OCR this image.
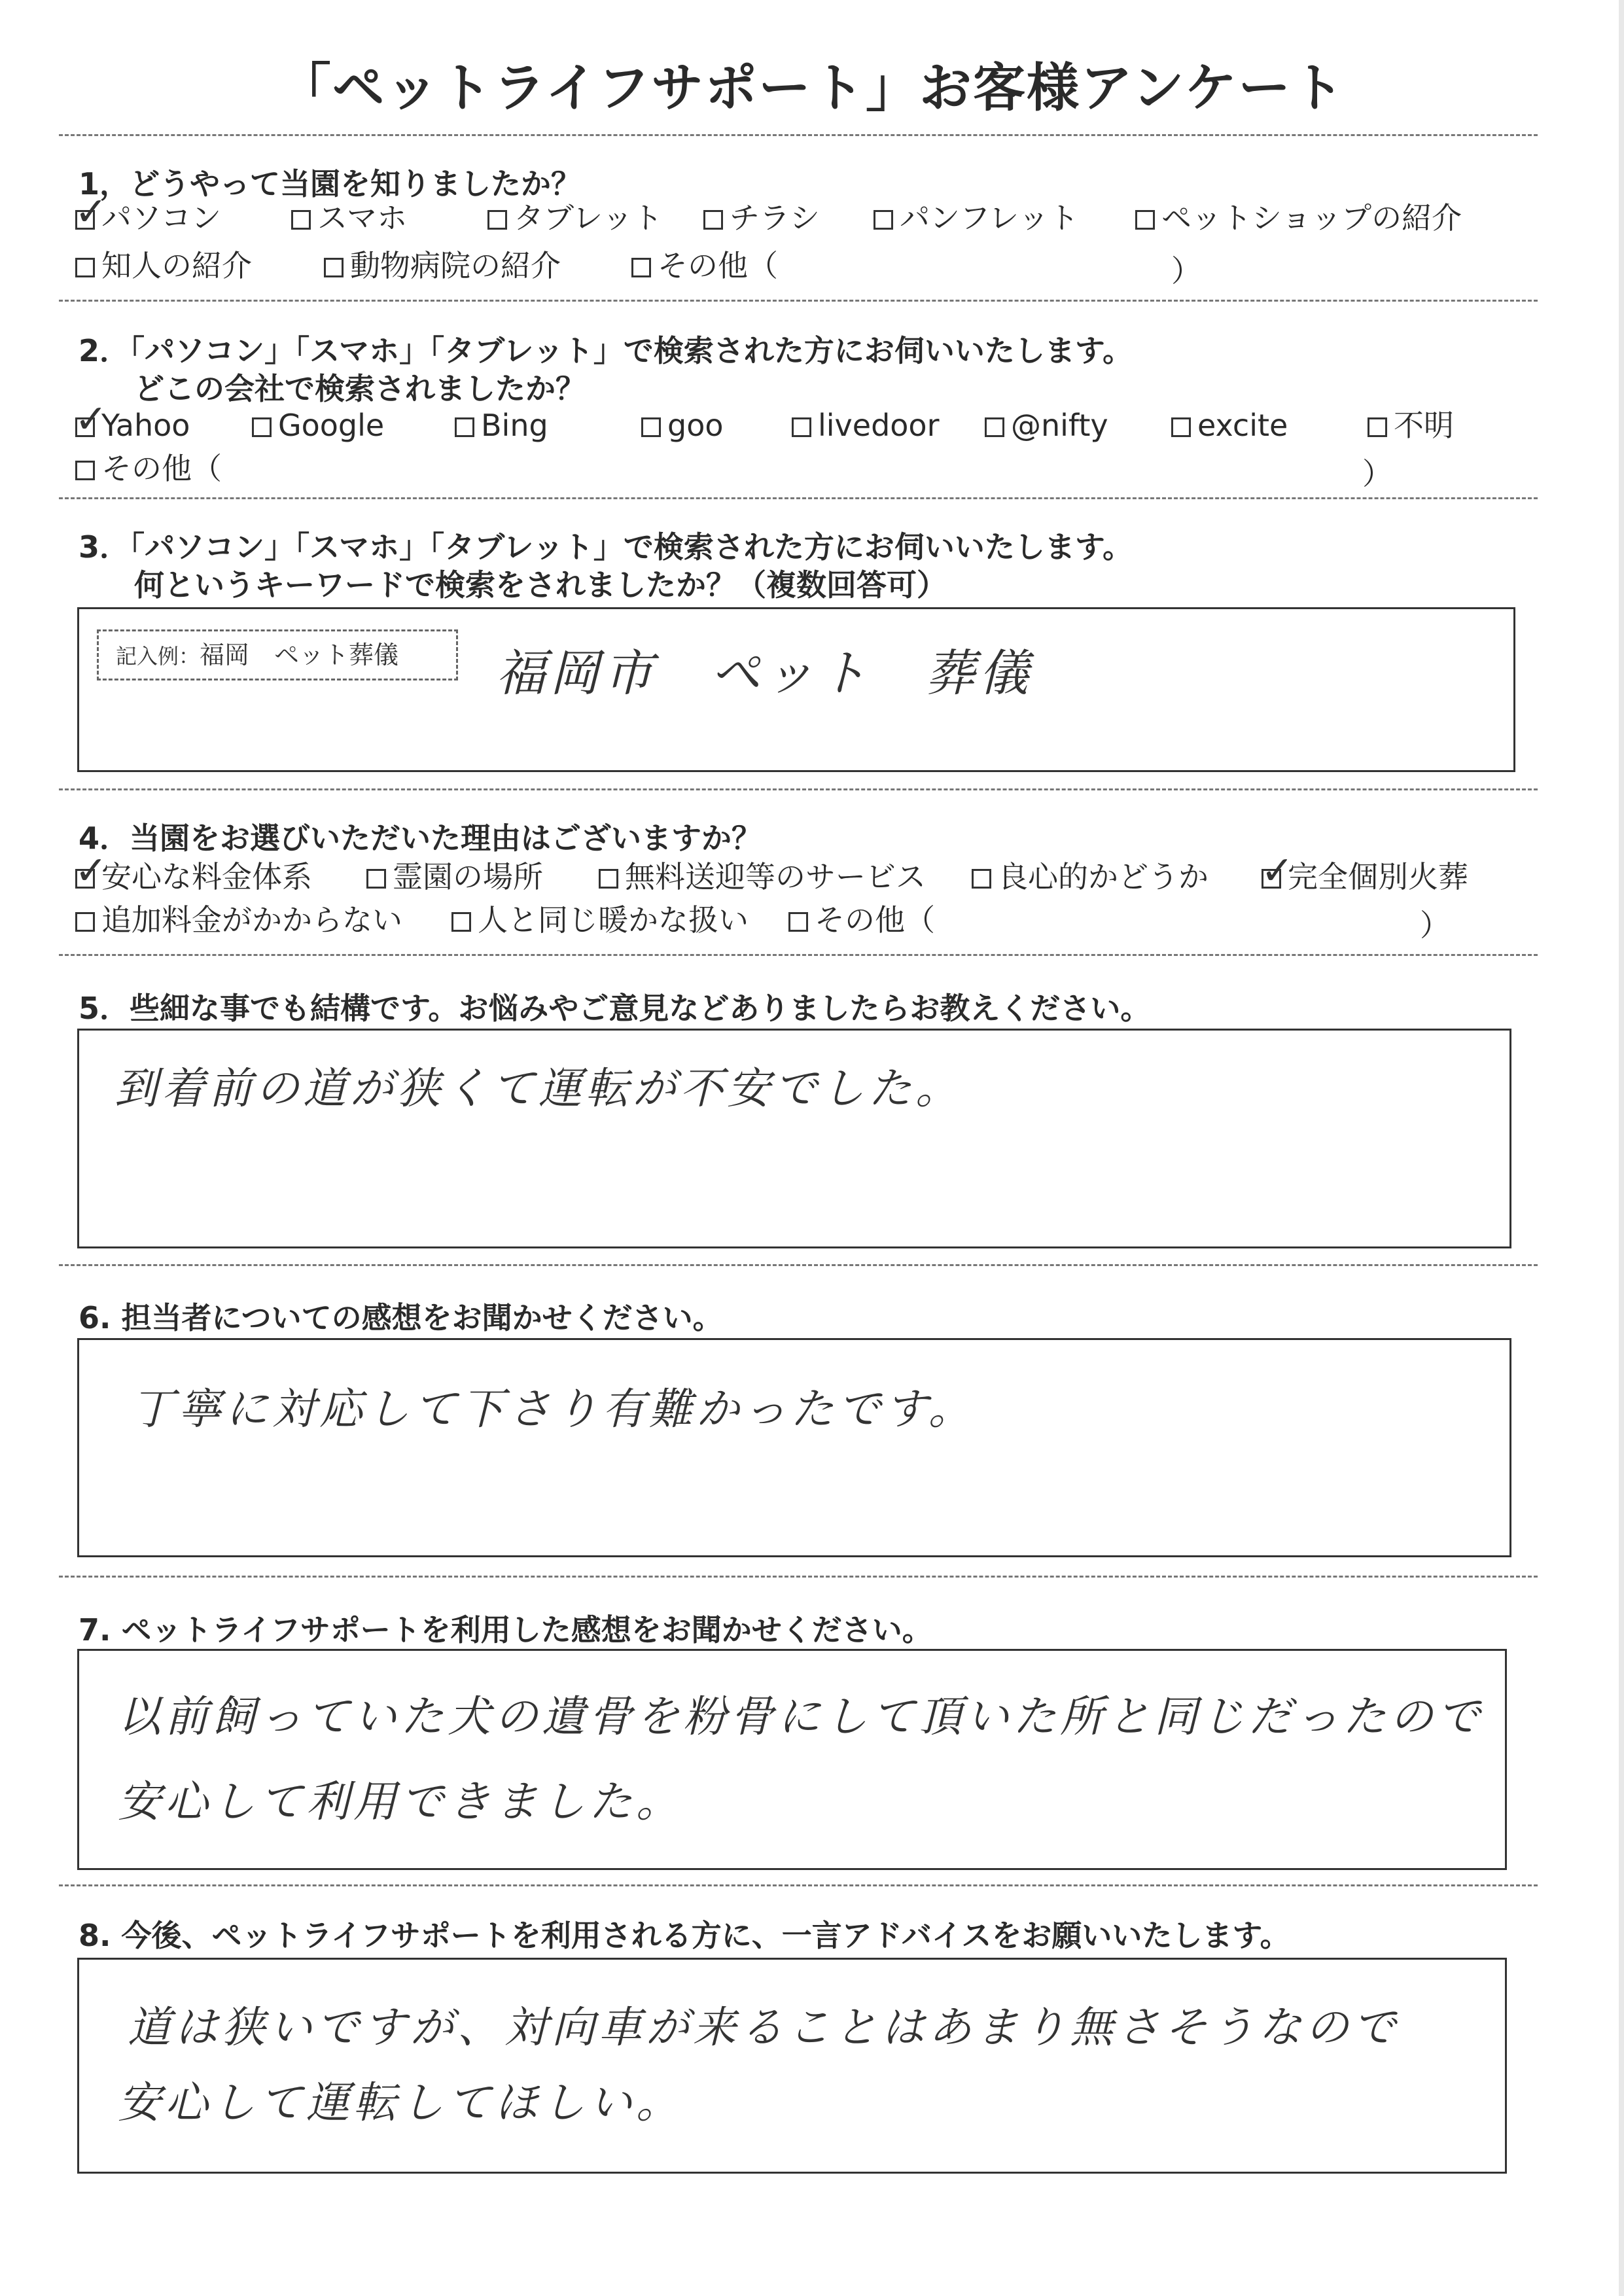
「ペットライフサポート」お客様アンケート
1，どうやって当園を知りましたか？
✓
パソコン	スマホ	タブレット	チラシ	パンフレット	ペットショップの紹介
知人の紹介	動物病院の紹介	その他（	）
2．「パソコン」「スマホ」「タブレット」で検索された方にお伺いいたします。
どこの会社で検索されましたか？
✓
Yahoo	Google	Bing	goo	livedoor	@nifty	excite	不明
その他（	）
3．「パソコン」「スマホ」「タブレット」で検索された方にお伺いいたします。
何というキーワードで検索をされましたか？（複数回答可）
記入例：福岡　ペット葬儀	福岡市　ペット　葬儀
4．当園をお選びいただいた理由はございますか？
✓
安心な料金体系	霊園の場所	無料送迎等のサービス	良心的かどうか ✓
完全個別火葬
追加料金がかからない	人と同じ暖かな扱い	その他（	）
5．些細な事でも結構です。お悩みやご意見などありましたらお教えください。
到着前の道が狭くて運転が不安でした。
6. 担当者についての感想をお聞かせください。
丁寧に対応して下さり有難かったです。
7. ペットライフサポートを利用した感想をお聞かせください。
以前飼っていた犬の遺骨を粉骨にして頂いた所と同じだったので
安心して利用できました。
8. 今後、ペットライフサポートを利用される方に、一言アドバイスをお願いいたします。
道は狭いですが、対向車が来ることはあまり無さそうなので
安心して運転してほしい。
